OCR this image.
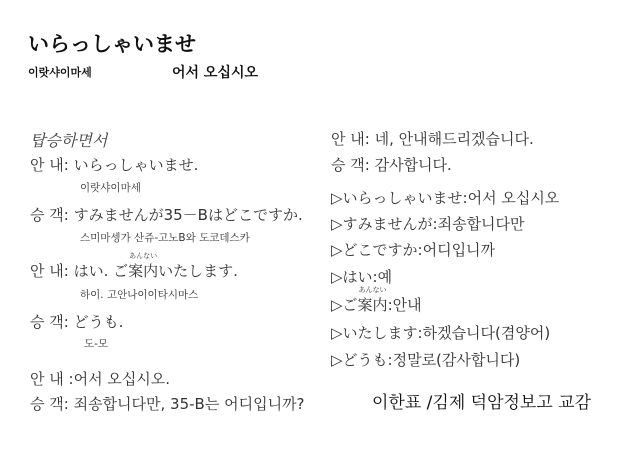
いらっしゃいませ
이랏샤이마세	어서 오십시오
탑승하면서
안 내: いらっしゃいませ.
이랏샤이마세
승 객: すみませんが35－Bはどこですか.
스미마셍가 산쥬-고노B와 도코데스카
안 내: はい. ご
あんない
案内いたします.
하이. 고안나이이타시마스
승 객: どうも.
도-모
안 내 :어서 오십시오.
승 객: 죄송합니다만, 35-B는 어디입니까?
안 내: 네, 안내해드리겠습니다.
승 객: 감사합니다.
▷いらっしゃいませ:어서 오십시오
▷すみませんが:죄송합니다만
▷どこですか:어디입니까
▷はい:예
▷ご
あんない
案内:안내
▷いたします:하겠습니다(겸양어)
▷どうも:정말로(감사합니다)
이한표 /김제 덕암정보고 교감
